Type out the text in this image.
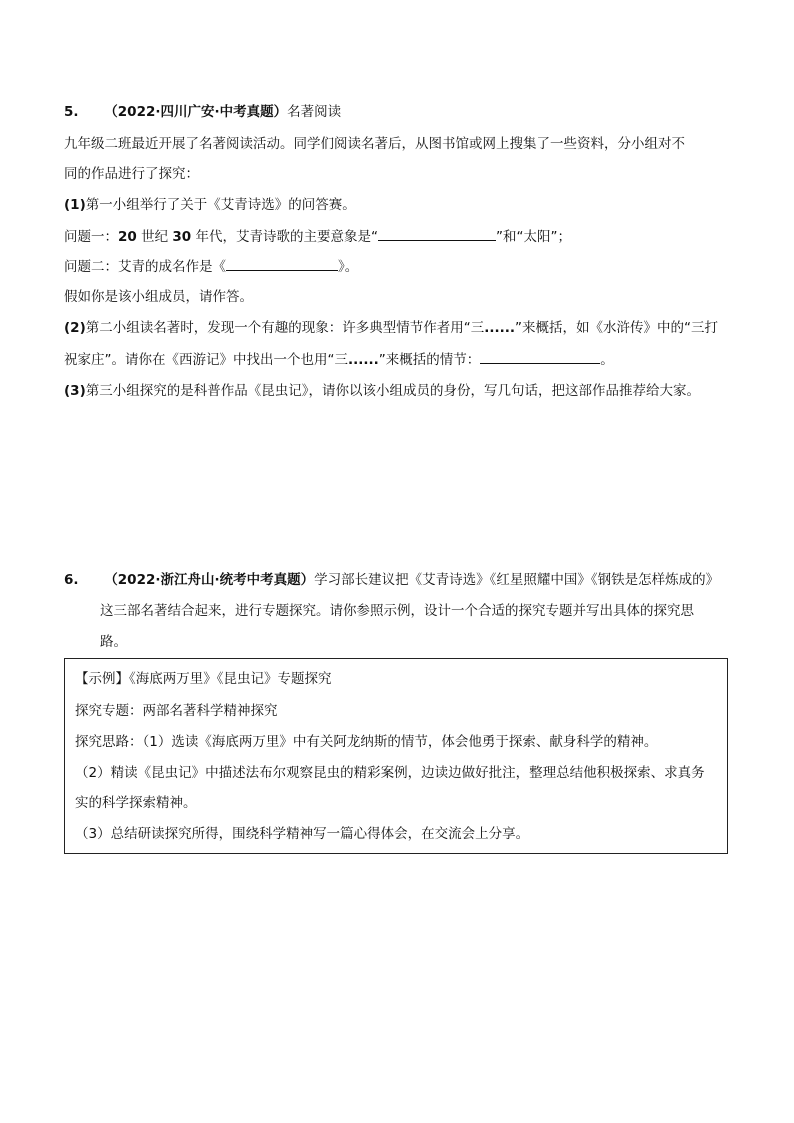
5. （2022·四川广安·中考真题）名著阅读
九年级二班最近开展了名著阅读活动。同学们阅读名著后，从图书馆或网上搜集了一些资料，分小组对不
同的作品进行了探究：
(1)第一小组举行了关于《艾青诗选》的问答赛。
问题一：20 世纪 30 年代，艾青诗歌的主要意象是“	”和“太阳”；
问题二：艾青的成名作是《	》。
假如你是该小组成员，请作答。
(2)第二小组读名著时，发现一个有趣的现象：许多典型情节作者用“三......”来概括，如《水浒传》中的“三打
祝家庄”。请你在《西游记》中找出一个也用“三......”来概括的情节：	。
(3)第三小组探究的是科普作品《昆虫记》，请你以该小组成员的身份，写几句话，把这部作品推荐给大家。
6. （2022·浙江舟山·统考中考真题）学习部长建议把《艾青诗选》《红星照耀中国》《钢铁是怎样炼成的》
这三部名著结合起来，进行专题探究。请你参照示例，设计一个合适的探究专题并写出具体的探究思
路。
【示例】《海底两万里》《昆虫记》专题探究
探究专题：两部名著科学精神探究
探究思路：（1）选读《海底两万里》中有关阿龙纳斯的情节，体会他勇于探索、献身科学的精神。
（2）精读《昆虫记》中描述法布尔观察昆虫的精彩案例，边读边做好批注，整理总结他积极探索、求真务
实的科学探索精神。
（3）总结研读探究所得，围绕科学精神写一篇心得体会，在交流会上分享。
